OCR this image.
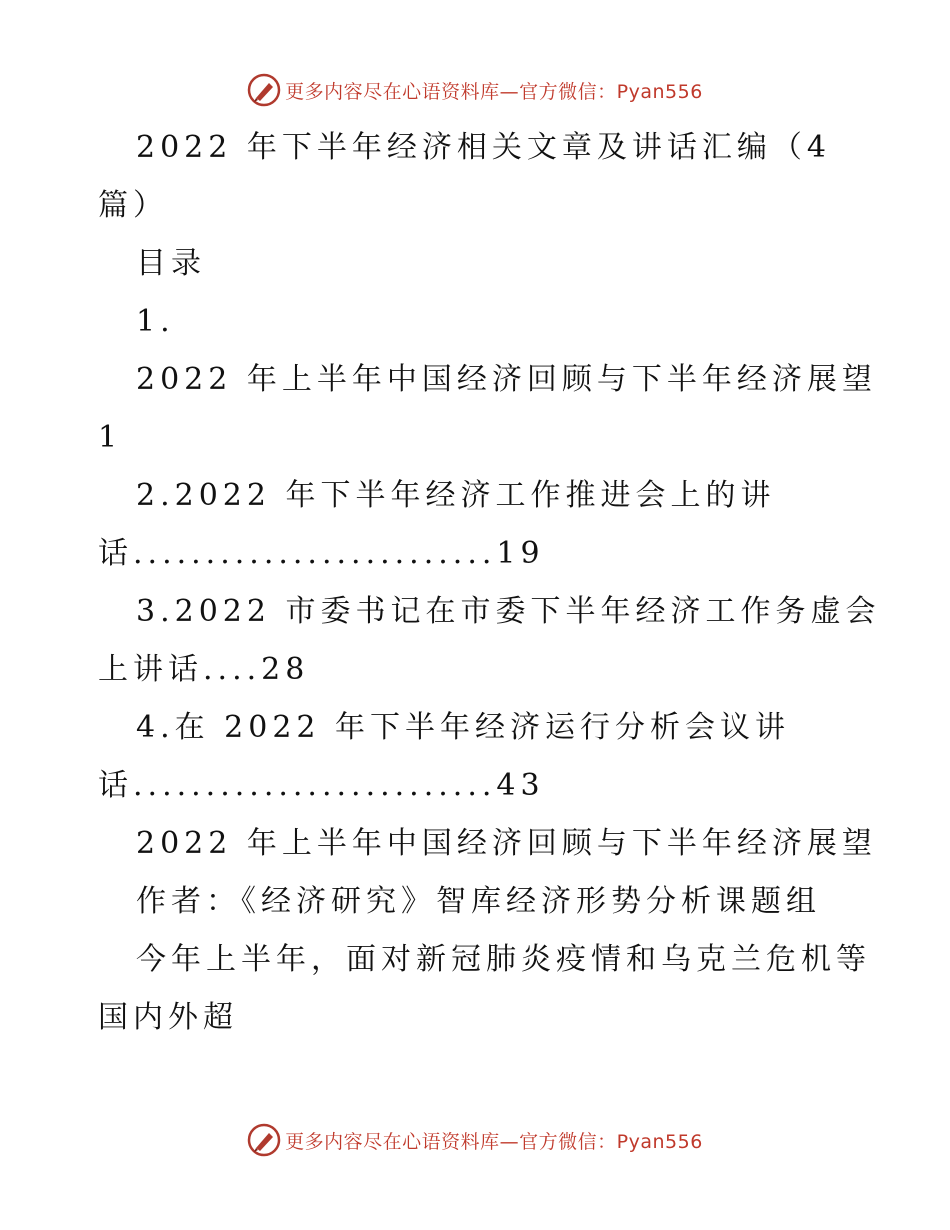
更多内容尽在心语资料库—官方微信：Pyan556
2022 年下半年经济相关文章及讲话汇编（4
篇）
目录
1.
2022 年上半年中国经济回顾与下半年经济展望
1
2.2022 年下半年经济工作推进会上的讲
话.........................19
3.2022 市委书记在市委下半年经济工作务虚会
上讲话....28
4.在 2022 年下半年经济运行分析会议讲
话.........................43
2022 年上半年中国经济回顾与下半年经济展望
作者：《经济研究》智库经济形势分析课题组
今年上半年，面对新冠肺炎疫情和乌克兰危机等
国内外超
更多内容尽在心语资料库—官方微信：Pyan556
